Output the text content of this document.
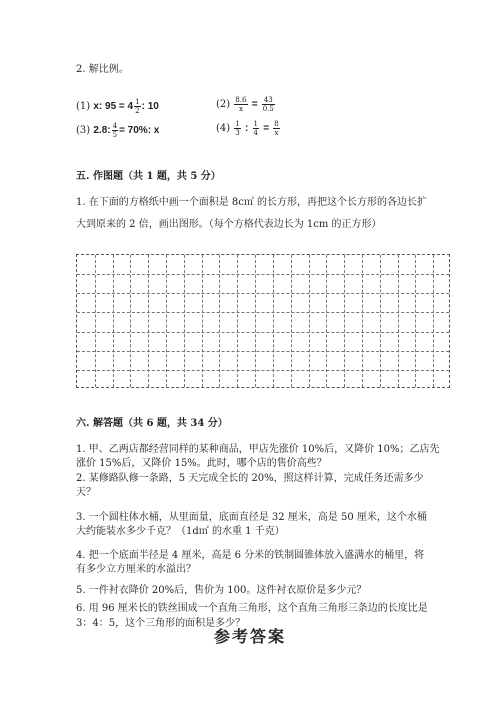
2. 解比例。
(1) x: $95 = 4 \frac{1}{2}$ : 10	$(2) \frac{8.6}{x} = \frac{43}{0.5}$
(3) 2.8: $\frac{4}{5} = 70\%$: x	$(4) \frac{1}{3}$ : $\frac{1}{4} = \frac{8}{x}$
五. 作图题（共 1 题，共 5 分）
1. 在下面的方格纸中画一个面积是 8c㎡ 的长方形，再把这个长方形的各边长扩
大到原来的 2 倍，画出图形。（每个方格代表边长为 1cm 的正方形）
六. 解答题（共 6 题，共 34 分）
1. 甲、乙两店都经营同样的某种商品，甲店先涨价 10%后，又降价 10%；乙店先
涨价 15%后，又降价 15%。此时，哪个店的售价高些？
2. 某修路队修一条路，5 天完成全长的 20%，照这样计算，完成任务还需多少
天？
3. 一个圆柱体水桶，从里面量，底面直径是 32 厘米，高是 50 厘米，这个水桶
大约能装水多少千克？（1d㎡ 的水重 1 千克）
4. 把一个底面半径是 4 厘米，高是 6 分米的铁制圆锥体放入盛满水的桶里，将
有多少立方厘米的水溢出？
5. 一件衬衣降价 20%后，售价为 100。这件衬衣原价是多少元？
6. 用 96 厘米长的铁丝围成一个直角三角形，这个直角三角形三条边的长度比是
3：4：5，这个三角形的面积是多少？
参考答案
